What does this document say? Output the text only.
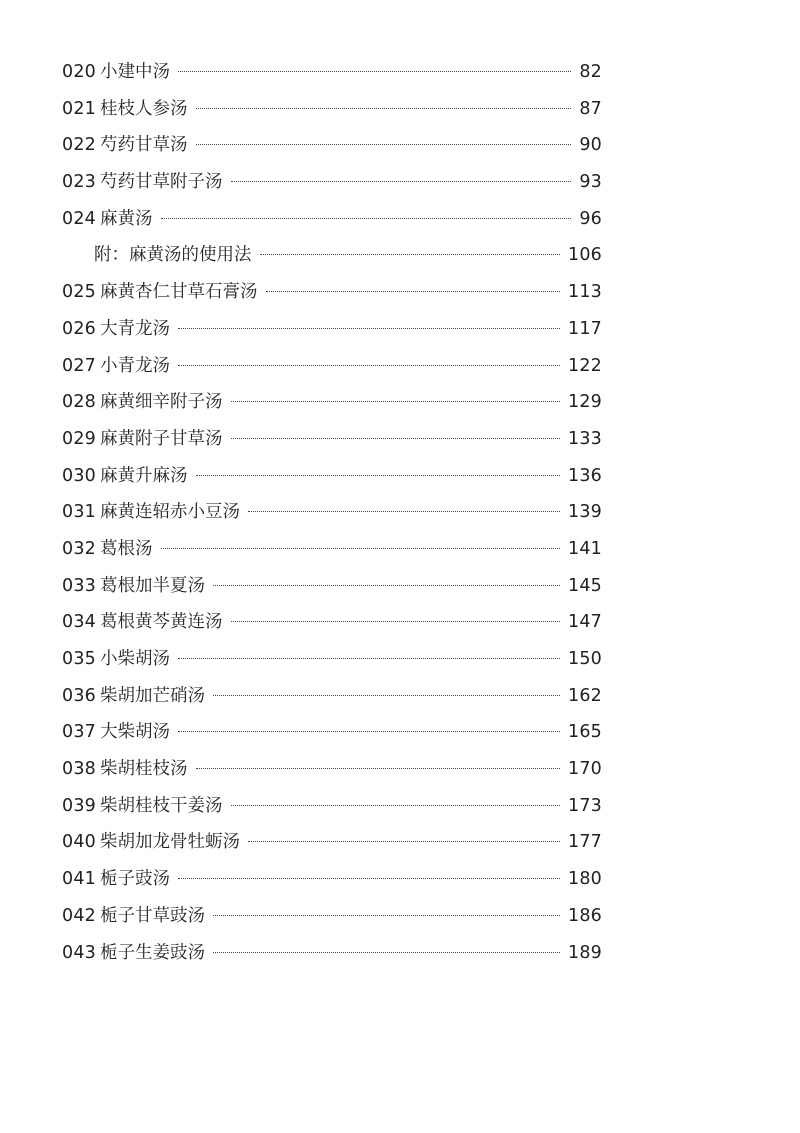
020 小建中汤	82
021 桂枝人参汤	87
022 芍药甘草汤	90
023 芍药甘草附子汤	93
024 麻黄汤	96
附：麻黄汤的使用法	106
025 麻黄杏仁甘草石膏汤	113
026 大青龙汤	117
027 小青龙汤	122
028 麻黄细辛附子汤	129
029 麻黄附子甘草汤	133
030 麻黄升麻汤	136
031 麻黄连轺赤小豆汤	139
032 葛根汤	141
033 葛根加半夏汤	145
034 葛根黄芩黄连汤	147
035 小柴胡汤	150
036 柴胡加芒硝汤	162
037 大柴胡汤	165
038 柴胡桂枝汤	170
039 柴胡桂枝干姜汤	173
040 柴胡加龙骨牡蛎汤	177
041 栀子豉汤	180
042 栀子甘草豉汤	186
043 栀子生姜豉汤	189
